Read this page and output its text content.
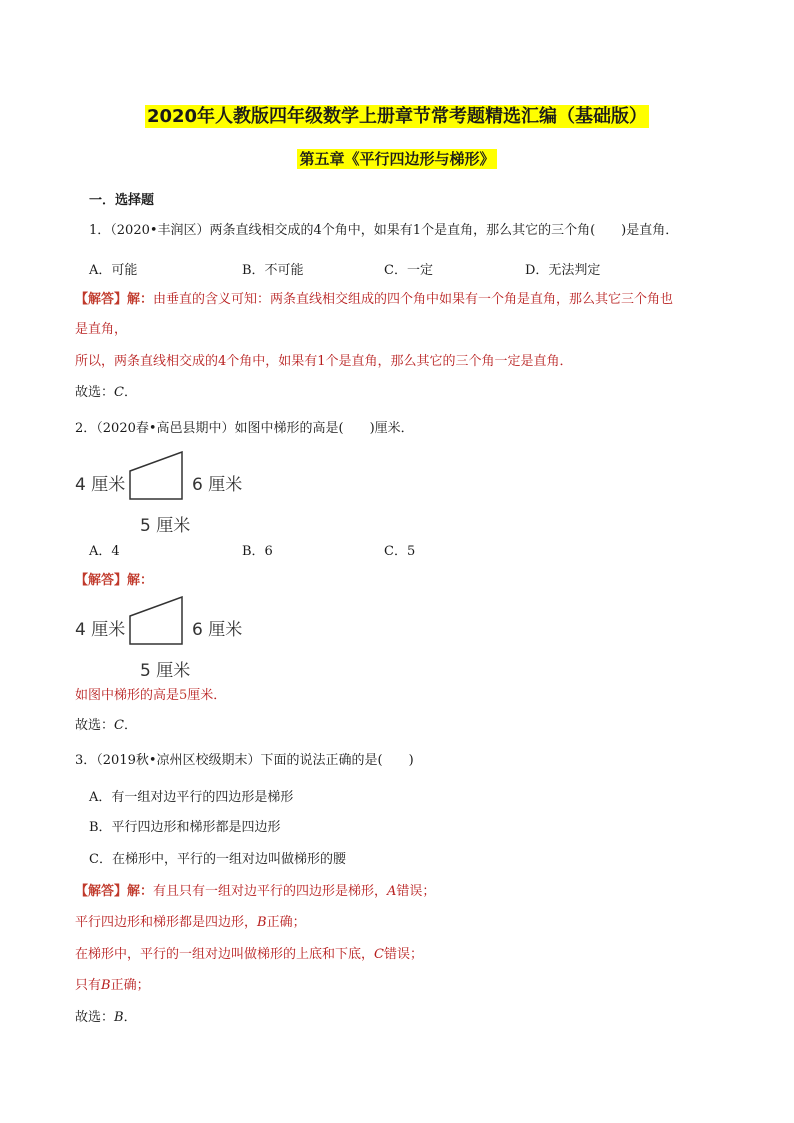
2020年人教版四年级数学上册章节常考题精选汇编（基础版）
第五章《平行四边形与梯形》
一．选择题
1．（2020•丰润区）两条直线相交成的4个角中，如果有1个是直角，那么其它的三个角(　　)是直角．
A．可能	B．不可能	C．一定	D．无法判定
【解答】解：由垂直的含义可知：两条直线相交组成的四个角中如果有一个角是直角，那么其它三个角也
是直角，
所以，两条直线相交成的4个角中，如果有1个是直角，那么其它的三个角一定是直角．
故选：C．
2．（2020春•高邑县期中）如图中梯形的高是(　　)厘米．
4 厘米	6 厘米
5 厘米
A．4	B．6	C．5
【解答】解：
4 厘米	6 厘米
5 厘米
如图中梯形的高是5厘米．
故选：C．
3．（2019秋•凉州区校级期末）下面的说法正确的是(　　)
A．有一组对边平行的四边形是梯形
B．平行四边形和梯形都是四边形
C．在梯形中，平行的一组对边叫做梯形的腰
【解答】解：有且只有一组对边平行的四边形是梯形，A错误；
平行四边形和梯形都是四边形，B正确；
在梯形中，平行的一组对边叫做梯形的上底和下底，C错误；
只有B正确；
故选：B．
